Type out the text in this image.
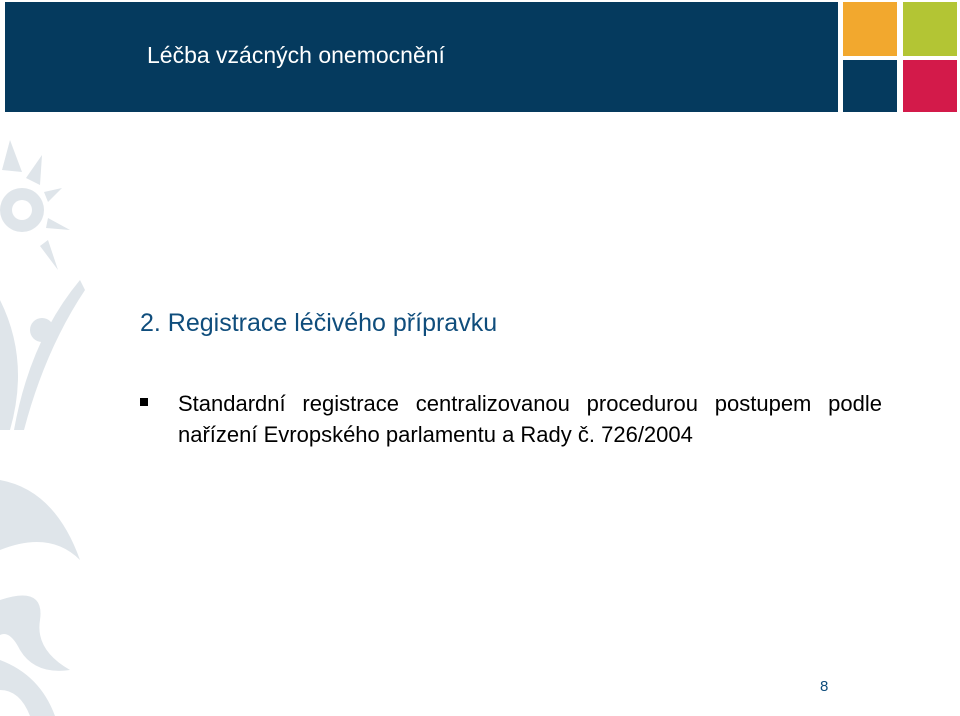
Léčba vzácných onemocnění
2. Registrace léčivého přípravku

Standardní registrace centralizovanou procedurou postupem podle nařízení Evropského parlamentu a Rady č. 726/2004

8
